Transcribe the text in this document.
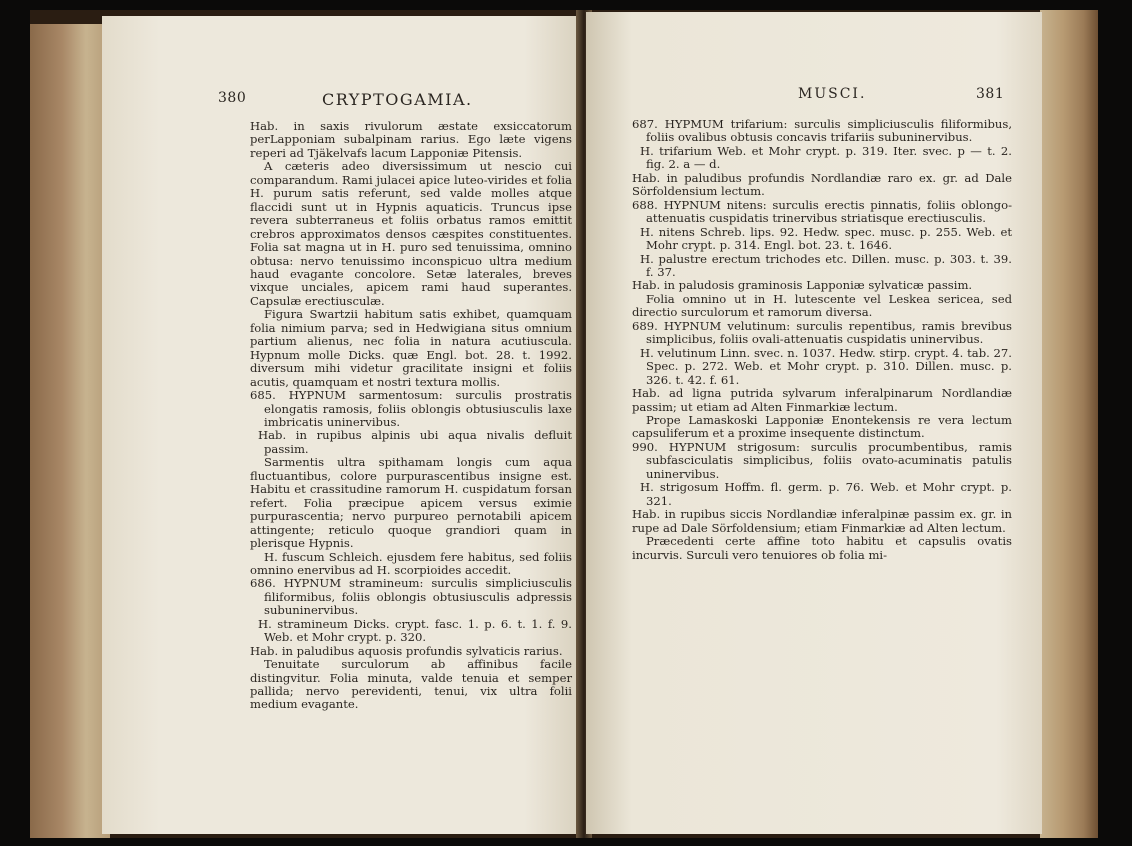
380	CRYPTOGAMIA.

Hab. in saxis rivulorum æstate exsiccatorum perLapponiam subalpinam rarius. Ego læte vigens reperi ad Tjäkelvafs lacum Lapponiæ Pitensis.

A cæteris adeo diversissimum ut nescio cui comparandum. Rami julacei apice luteo-virides et folia H. purum satis referunt, sed valde molles atque flaccidi sunt ut in Hypnis aquaticis. Truncus ipse revera subterraneus et foliis orbatus ramos emittit crebros approximatos densos cæspites constituentes. Folia sat magna ut in H. puro sed tenuissima, omnino obtusa: nervo tenuissimo inconspicuo ultra medium haud evagante concolore. Setæ laterales, breves vixque unciales, apicem rami haud superantes. Capsulæ erectiusculæ.

Figura Swartzii habitum satis exhibet, quamquam folia nimium parva; sed in Hedwigiana situs omnium partium alienus, nec folia in natura acutiuscula. Hypnum molle Dicks. quæ Engl. bot. 28. t. 1992. diversum mihi videtur gracilitate insigni et foliis acutis, quamquam et nostri textura mollis.

685. HYPNUM sarmentosum: surculis prostratis elongatis ramosis, foliis oblongis obtusiusculis laxe imbricatis uninervibus.

Hab. in rupibus alpinis ubi aqua nivalis defluit passim.

Sarmentis ultra spithamam longis cum aqua fluctuantibus, colore purpurascentibus insigne est. Habitu et crassitudine ramorum H. cuspidatum forsan refert. Folia præcipue apicem versus eximie purpurascentia; nervo purpureo pernotabili apicem attingente; reticulo quoque grandiori quam in plerisque Hypnis.

H. fuscum Schleich. ejusdem fere habitus, sed foliis omnino enervibus ad H. scorpioides accedit.

686. HYPNUM stramineum: surculis simpliciusculis filiformibus, foliis oblongis obtusiusculis adpressis subuninervibus.

H. stramineum Dicks. crypt. fasc. 1. p. 6. t. 1. f. 9. Web. et Mohr crypt. p. 320.

Hab. in paludibus aquosis profundis sylvaticis rarius.

Tenuitate surculorum ab affinibus facile distingvitur. Folia minuta, valde tenuia et semper pallida; nervo perevidenti, tenui, vix ultra folii medium evagante.

MUSCI.	381

687. HYPMUM trifarium: surculis simpliciusculis filiformibus, foliis ovalibus obtusis concavis trifariis subuninervibus.

H. trifarium Web. et Mohr crypt. p. 319. Iter. svec. p — t. 2. fig. 2. a — d.

Hab. in paludibus profundis Nordlandiæ raro ex. gr. ad Dale Sörfoldensium lectum.

688. HYPNUM nitens: surculis erectis pinnatis, foliis oblongo-attenuatis cuspidatis trinervibus striatisque erectiusculis.

H. nitens Schreb. lips. 92. Hedw. spec. musc. p. 255. Web. et Mohr crypt. p. 314. Engl. bot. 23. t. 1646.

H. palustre erectum trichodes etc. Dillen. musc. p. 303. t. 39. f. 37.

Hab. in paludosis graminosis Lapponiæ sylvaticæ passim.

Folia omnino ut in H. lutescente vel Leskea sericea, sed directio surculorum et ramorum diversa.

689. HYPNUM velutinum: surculis repentibus, ramis brevibus simplicibus, foliis ovali-attenuatis cuspidatis uninervibus.

H. velutinum Linn. svec. n. 1037. Hedw. stirp. crypt. 4. tab. 27. Spec. p. 272. Web. et Mohr crypt. p. 310. Dillen. musc. p. 326. t. 42. f. 61.

Hab. ad ligna putrida sylvarum inferalpinarum Nordlandiæ passim; ut etiam ad Alten Finmarkiæ lectum.

Prope Lamaskoski Lapponiæ Enontekensis re vera lectum capsuliferum et a proxime insequente distinctum.

990. HYPNUM strigosum: surculis procumbentibus, ramis subfasciculatis simplicibus, foliis ovato-acuminatis patulis uninervibus.

H. strigosum Hoffm. fl. germ. p. 76. Web. et Mohr crypt. p. 321.

Hab. in rupibus siccis Nordlandiæ inferalpinæ passim ex. gr. in rupe ad Dale Sörfoldensium; etiam Finmarkiæ ad Alten lectum.

Præcedenti certe affine toto habitu et capsulis ovatis incurvis. Surculi vero tenuiores ob folia mi-
